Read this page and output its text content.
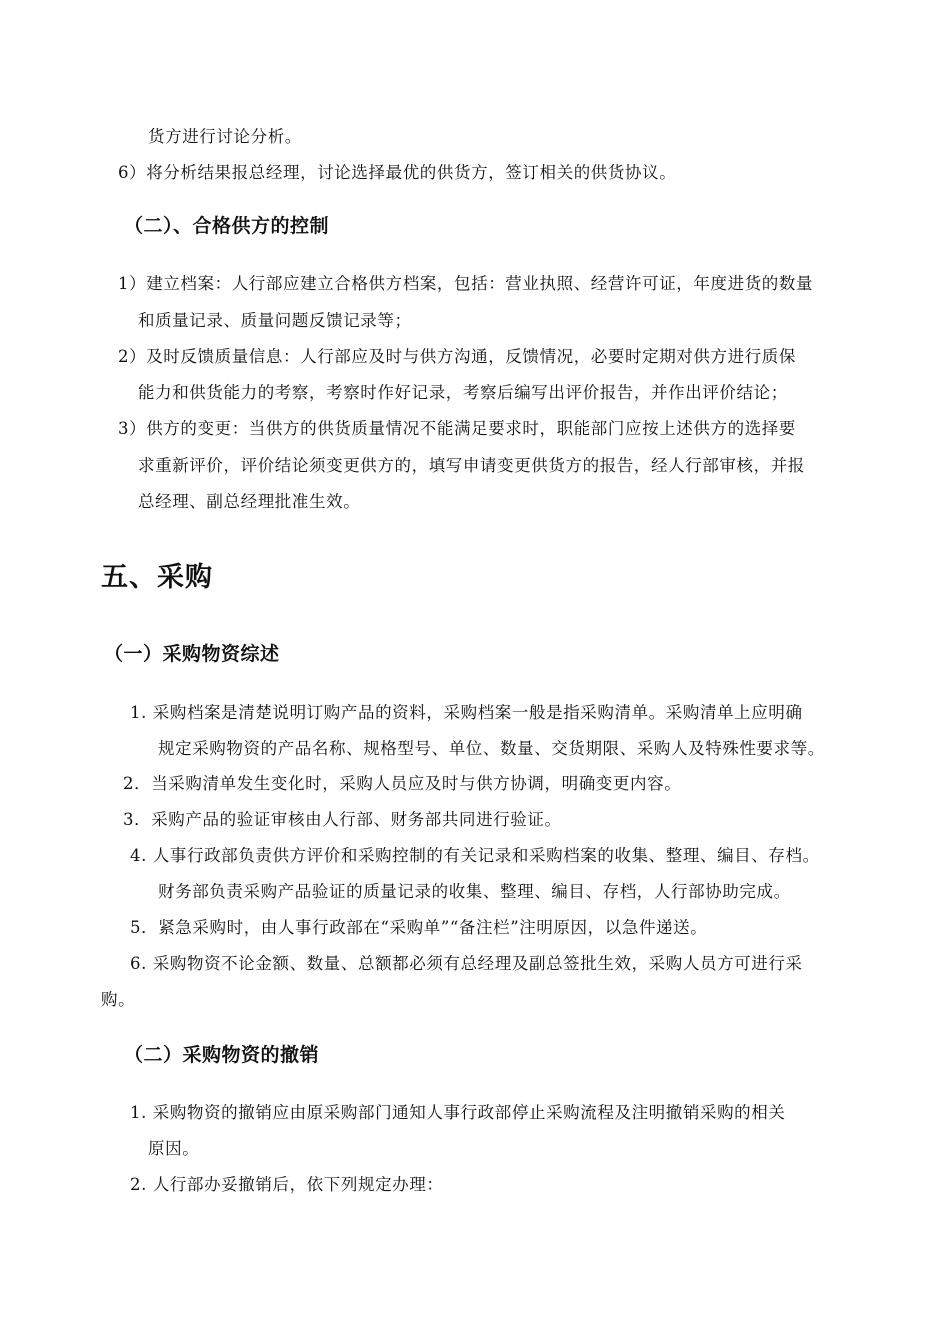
货方进行讨论分析。
6）将分析结果报总经理，讨论选择最优的供货方，签订相关的供货协议。
（二）、合格供方的控制
1）建立档案：人行部应建立合格供方档案，包括：营业执照、经营许可证，年度进货的数量
和质量记录、质量问题反馈记录等；
2）及时反馈质量信息：人行部应及时与供方沟通，反馈情况，必要时定期对供方进行质保
能力和供货能力的考察，考察时作好记录，考察后编写出评价报告，并作出评价结论；
3）供方的变更：当供方的供货质量情况不能满足要求时，职能部门应按上述供方的选择要
求重新评价，评价结论须变更供方的，填写申请变更供货方的报告，经人行部审核，并报
总经理、副总经理批准生效。
五、采购
（一）采购物资综述
1. 采购档案是清楚说明订购产品的资料，采购档案一般是指采购清单。采购清单上应明确
规定采购物资的产品名称、规格型号、单位、数量、交货期限、采购人及特殊性要求等。
2．当采购清单发生变化时，采购人员应及时与供方协调，明确变更内容。
3．采购产品的验证审核由人行部、财务部共同进行验证。
4. 人事行政部负责供方评价和采购控制的有关记录和采购档案的收集、整理、编目、存档。
财务部负责采购产品验证的质量记录的收集、整理、编目、存档，人行部协助完成。
5．紧急采购时，由人事行政部在“采购单”“备注栏”注明原因，以急件递送。
6. 采购物资不论金额、数量、总额都必须有总经理及副总签批生效，采购人员方可进行采
购。
（二）采购物资的撤销
1. 采购物资的撤销应由原采购部门通知人事行政部停止采购流程及注明撤销采购的相关
原因。
2. 人行部办妥撤销后，依下列规定办理：
